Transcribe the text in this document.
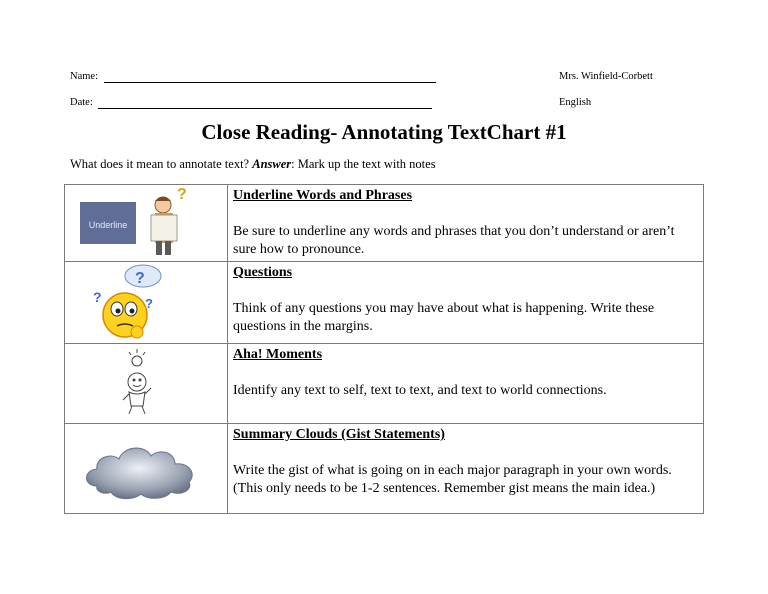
Name:	Mrs. Winfield-Corbett
Date:	English
Close Reading- Annotating TextChart #1
What does it mean to annotate text? Answer: Mark up the text with notes
Underline
?	Underline Words and Phrases
Be sure to underline any words and phrases that you don’t understand or aren’t sure how to pronounce.

?
? ?	Questions
Think of any questions you may have about what is happening. Write these questions in the margins.

Aha! Moments
Identify any text to self, text to text, and text to world connections.

Summary Clouds (Gist Statements)
Write the gist of what is going on in each major paragraph in your own words. (This only needs to be 1-2 sentences. Remember gist means the main idea.)
